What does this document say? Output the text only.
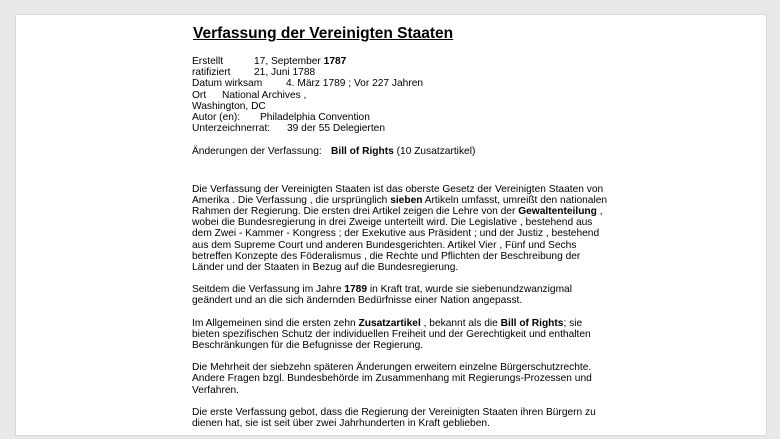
Verfassung der Vereinigten Staaten
Erstellt	17, September 1787
ratifiziert 21, Juni 1788
Datum wirksam 4. März 1789 ; Vor 227 Jahren
Ort National Archives ,
Washington, DC
Autor (en): Philadelphia Convention
Unterzeichnerrat: 39 der 55 Delegierten
Änderungen der Verfassung: Bill of Rights (10 Zusatzartikel)
Die Verfassung der Vereinigten Staaten ist das oberste Gesetz der Vereinigten Staaten von Amerika . Die Verfassung , die ursprünglich sieben Artikeln umfasst, umreißt den nationalen Rahmen der Regierung. Die ersten drei Artikel zeigen die Lehre von der Gewaltenteilung , wobei die Bundesregierung in drei Zweige unterteilt wird. Die Legislative , bestehend aus dem Zwei - Kammer - Kongress ; der Exekutive aus Präsident ; und der Justiz , bestehend aus dem Supreme Court und anderen Bundesgerichten. Artikel Vier , Fünf und Sechs betreffen Konzepte des Föderalismus , die Rechte und Pflichten der Beschreibung der Länder und der Staaten in Bezug auf die Bundesregierung.
Seitdem die Verfassung im Jahre 1789 in Kraft trat, wurde sie siebenundzwanzigmal geändert und an die sich ändernden Bedürfnisse einer Nation angepasst.
Im Allgemeinen sind die ersten zehn Zusatzartikel , bekannt als die Bill of Rights; sie bieten spezifischen Schutz der individuellen Freiheit und der Gerechtigkeit und enthalten Beschränkungen für die Befugnisse der Regierung.
Die Mehrheit der siebzehn späteren Änderungen erweitern einzelne Bürgerschutzrechte. Andere Fragen bzgl. Bundesbehörde im Zusammenhang mit Regierungs-Prozessen und Verfahren.
Die erste Verfassung gebot, dass die Regierung der Vereinigten Staaten ihren Bürgern zu dienen hat, sie ist seit über zwei Jahrhunderten in Kraft geblieben.
